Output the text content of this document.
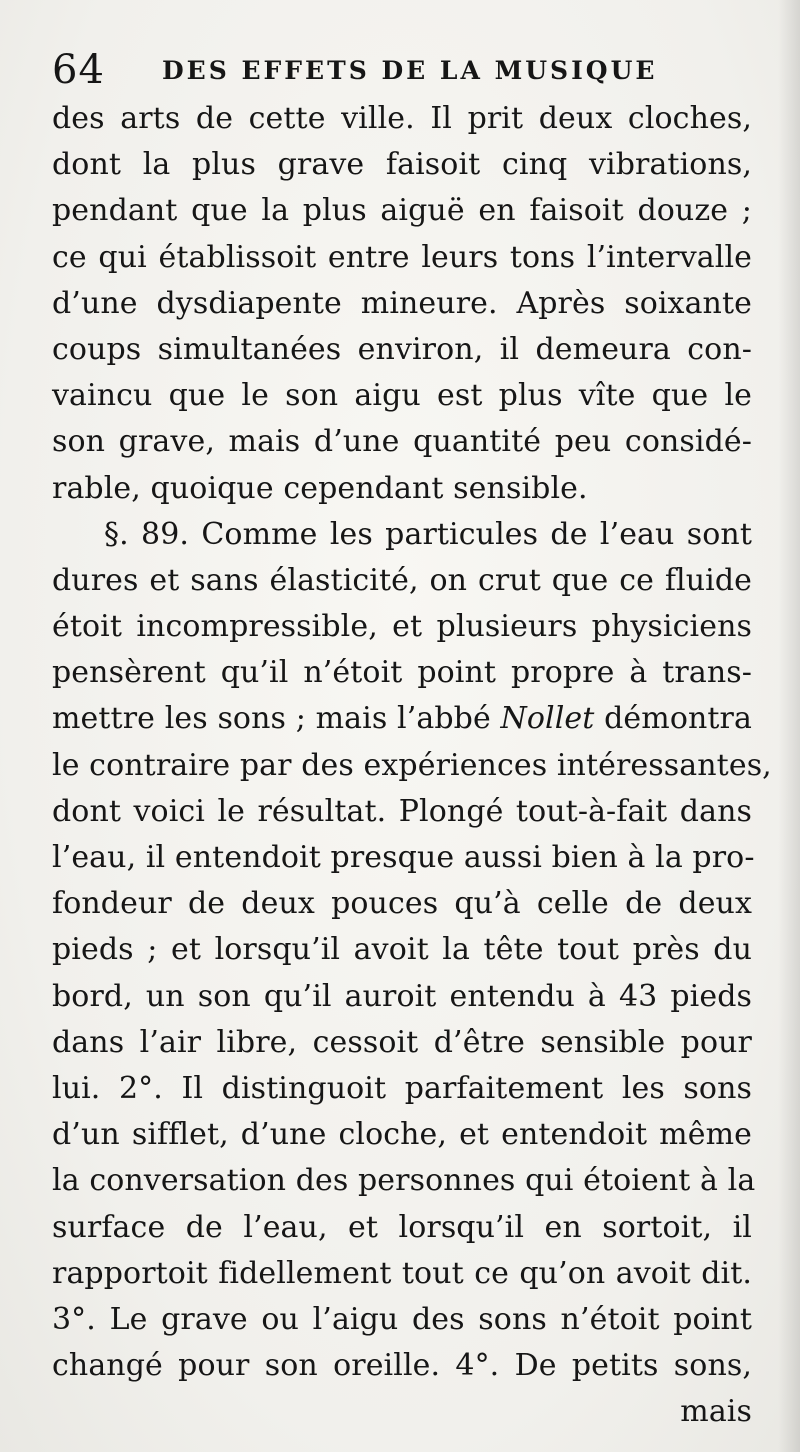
64 DES EFFETS DE LA MUSIQUE
des arts de cette ville. Il prit deux cloches,
dont la plus grave faisoit cinq vibrations,
pendant que la plus aiguë en faisoit douze ;
ce qui établissoit entre leurs tons l’intervalle
d’une dysdiapente mineure. Après soixante
coups simultanées environ, il demeura con-
vaincu que le son aigu est plus vîte que le
son grave, mais d’une quantité peu considé-
rable, quoique cependant sensible.
§. 89. Comme les particules de l’eau sont
dures et sans élasticité, on crut que ce fluide
étoit incompressible, et plusieurs physiciens
pensèrent qu’il n’étoit point propre à trans-
mettre les sons ; mais l’abbé Nollet démontra
le contraire par des expériences intéressantes,
dont voici le résultat. Plongé tout-à-fait dans
l’eau, il entendoit presque aussi bien à la pro-
fondeur de deux pouces qu’à celle de deux
pieds ; et lorsqu’il avoit la tête tout près du
bord, un son qu’il auroit entendu à 43 pieds
dans l’air libre, cessoit d’être sensible pour
lui. 2°. Il distinguoit parfaitement les sons
d’un sifflet, d’une cloche, et entendoit même
la conversation des personnes qui étoient à la
surface de l’eau, et lorsqu’il en sortoit, il
rapportoit fidellement tout ce qu’on avoit dit.
3°. Le grave ou l’aigu des sons n’étoit point
changé pour son oreille. 4°. De petits sons,
mais
